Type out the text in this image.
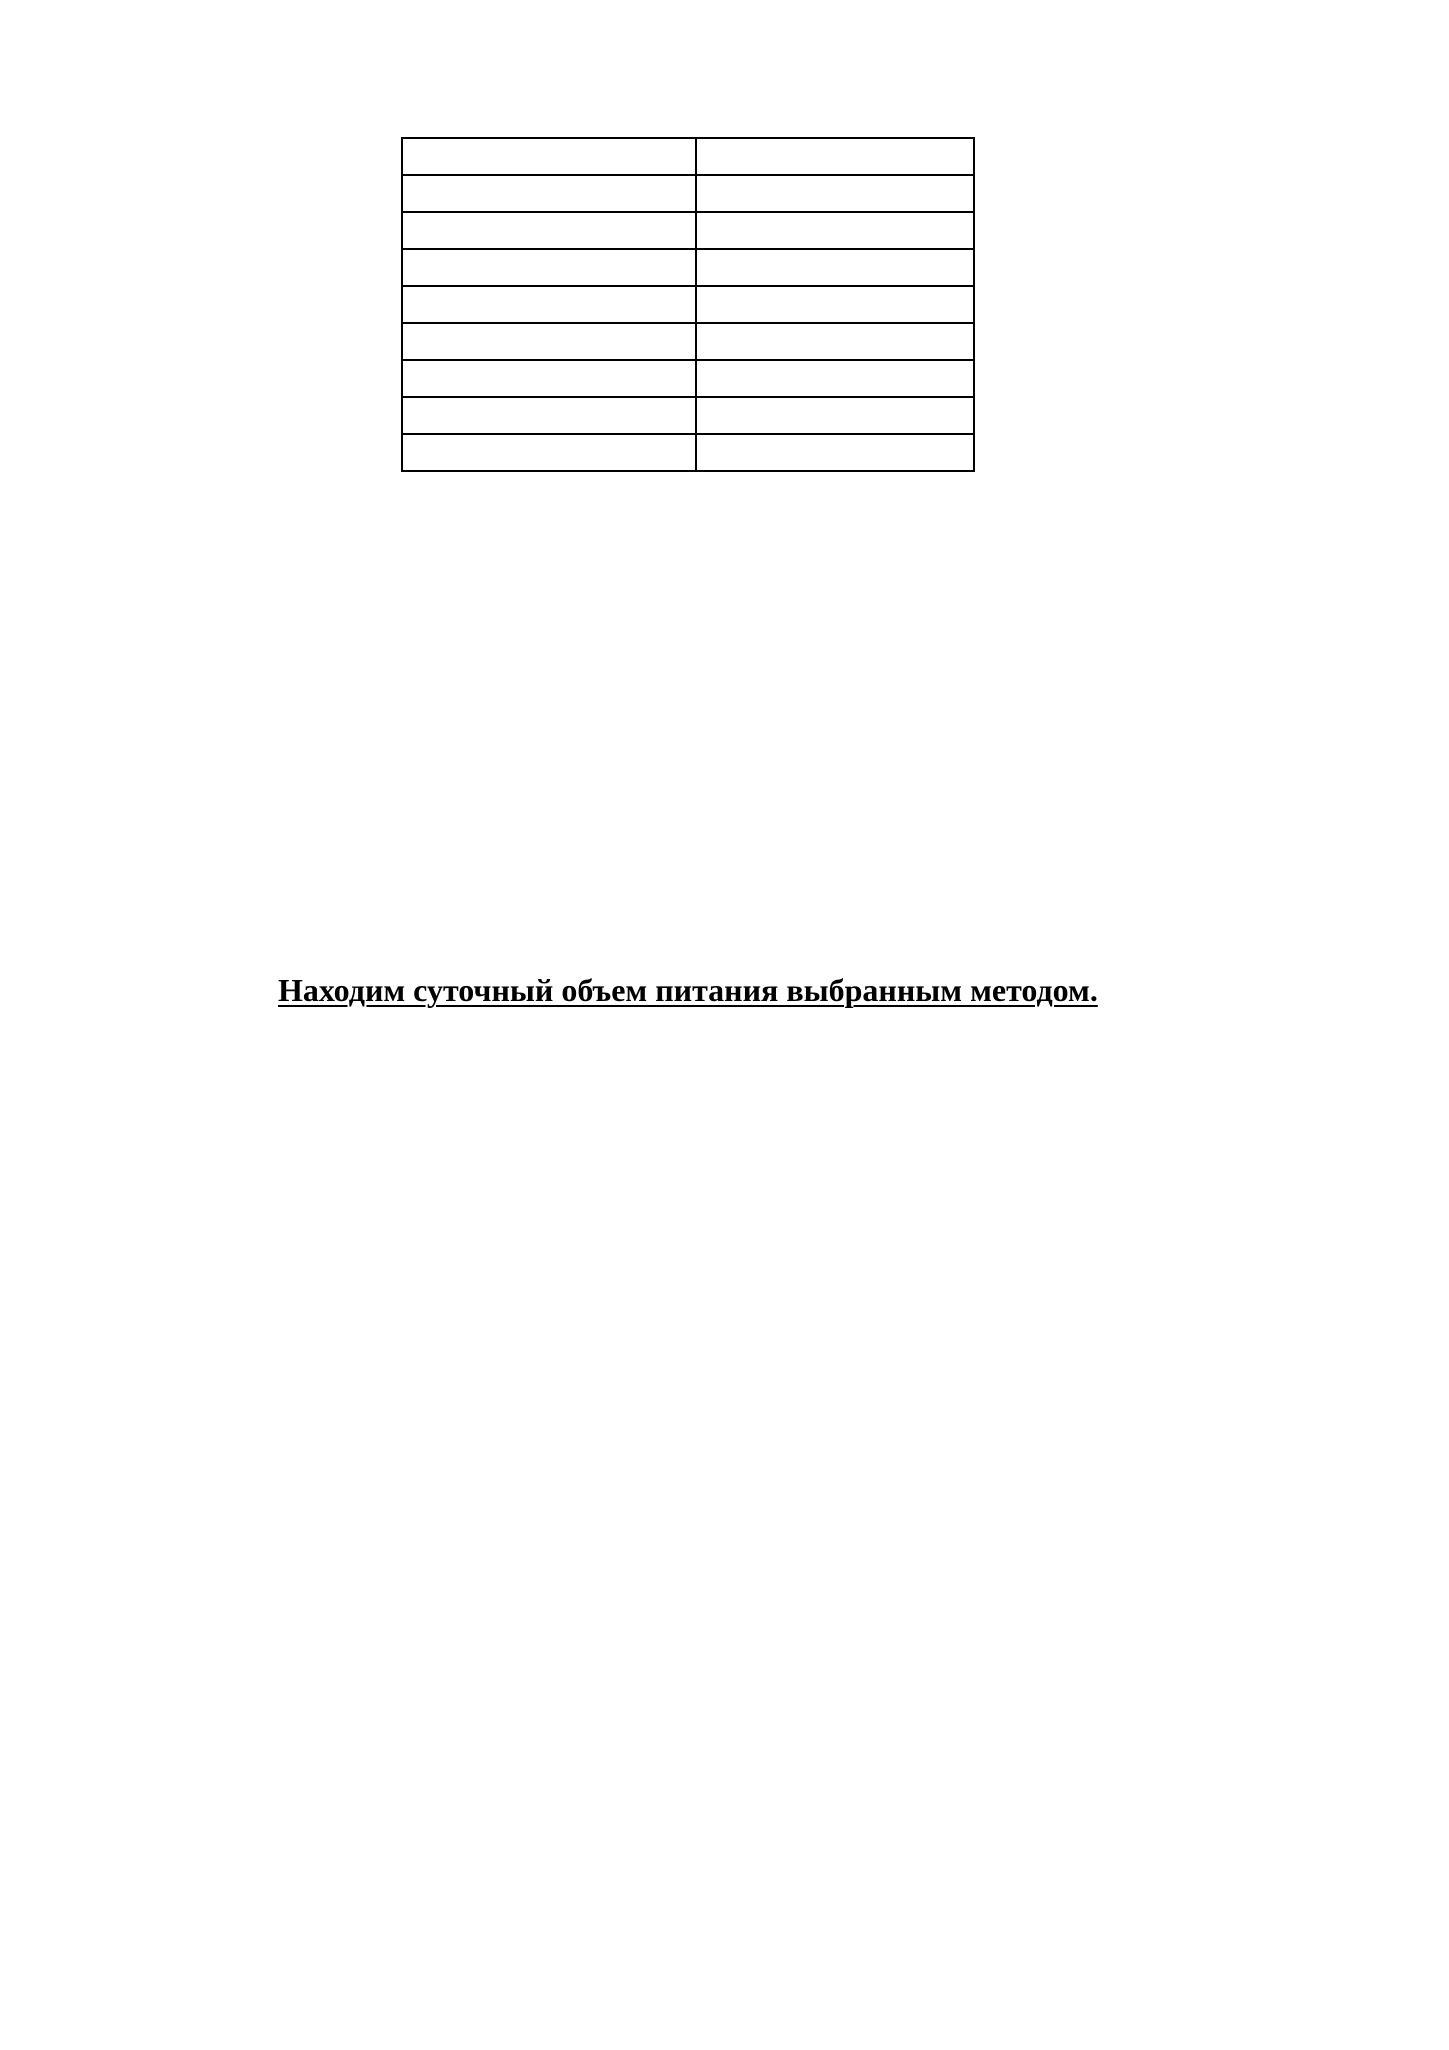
Находим суточный объем питания выбранным методом.
